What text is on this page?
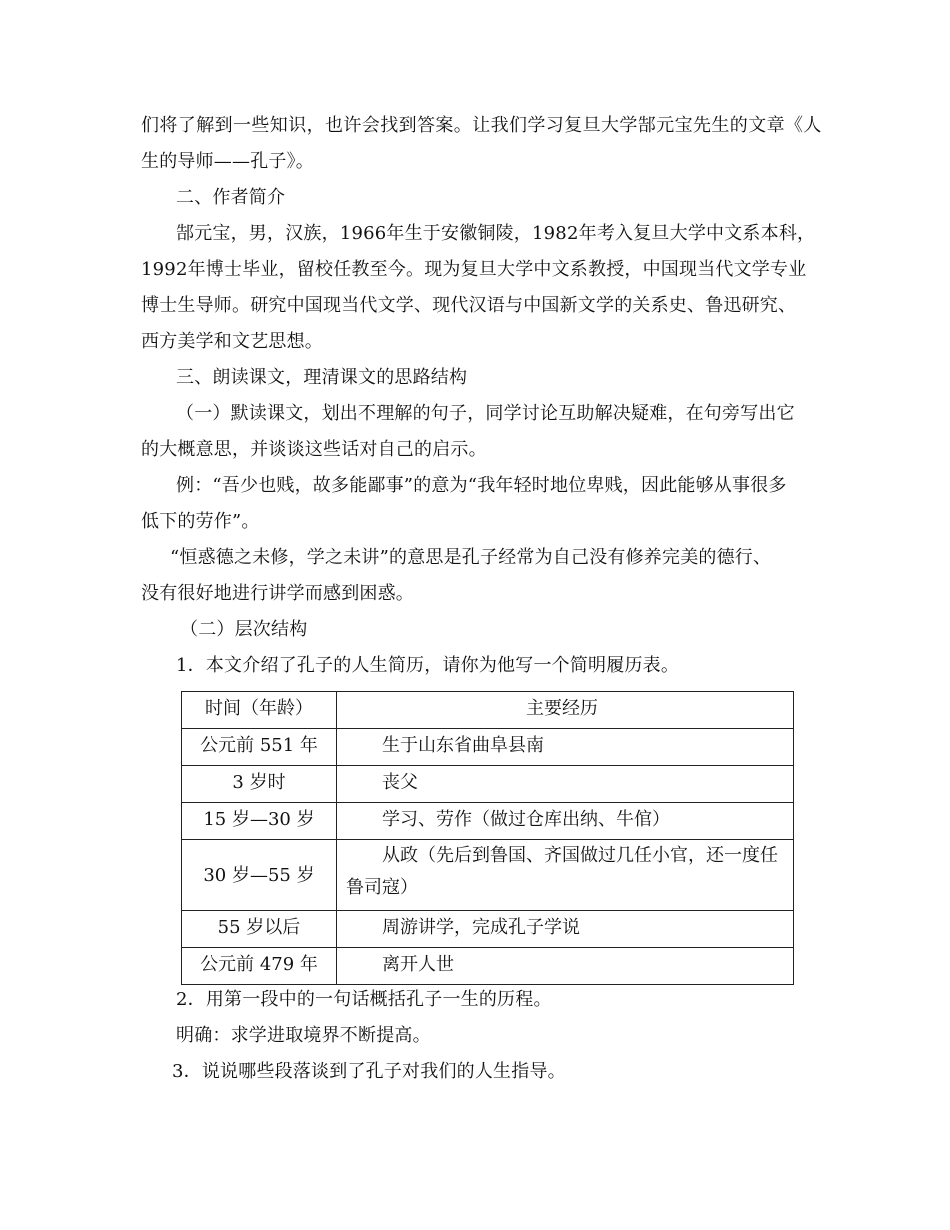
们将了解到一些知识，也许会找到答案。让我们学习复旦大学郜元宝先生的文章《人
生的导师——孔子》。
二、作者简介
郜元宝，男，汉族，1966年生于安徽铜陵，1982年考入复旦大学中文系本科，
1992年博士毕业，留校任教至今。现为复旦大学中文系教授，中国现当代文学专业
博士生导师。研究中国现当代文学、现代汉语与中国新文学的关系史、鲁迅研究、
西方美学和文艺思想。
三、朗读课文，理清课文的思路结构
（一）默读课文，划出不理解的句子，同学讨论互助解决疑难，在句旁写出它
的大概意思，并谈谈这些话对自己的启示。
例：“吾少也贱，故多能鄙事”的意为“我年轻时地位卑贱，因此能够从事很多
低下的劳作”。
“恒惑德之未修，学之未讲”的意思是孔子经常为自己没有修养完美的德行、
没有很好地进行讲学而感到困惑。
（二）层次结构
1．本文介绍了孔子的人生简历，请你为他写一个简明履历表。
时间（年龄）	主要经历

公元前 551 年	生于山东省曲阜县南

3 岁时	丧父

15 岁—30 岁	学习、劳作（做过仓库出纳、牛倌）

30 岁—55 岁	从政（先后到鲁国、齐国做过几任小官，还一度任鲁司寇）

55 岁以后	周游讲学，完成孔子学说

公元前 479 年	离开人世
2．用第一段中的一句话概括孔子一生的历程。
明确：求学进取境界不断提高。
3．说说哪些段落谈到了孔子对我们的人生指导。
